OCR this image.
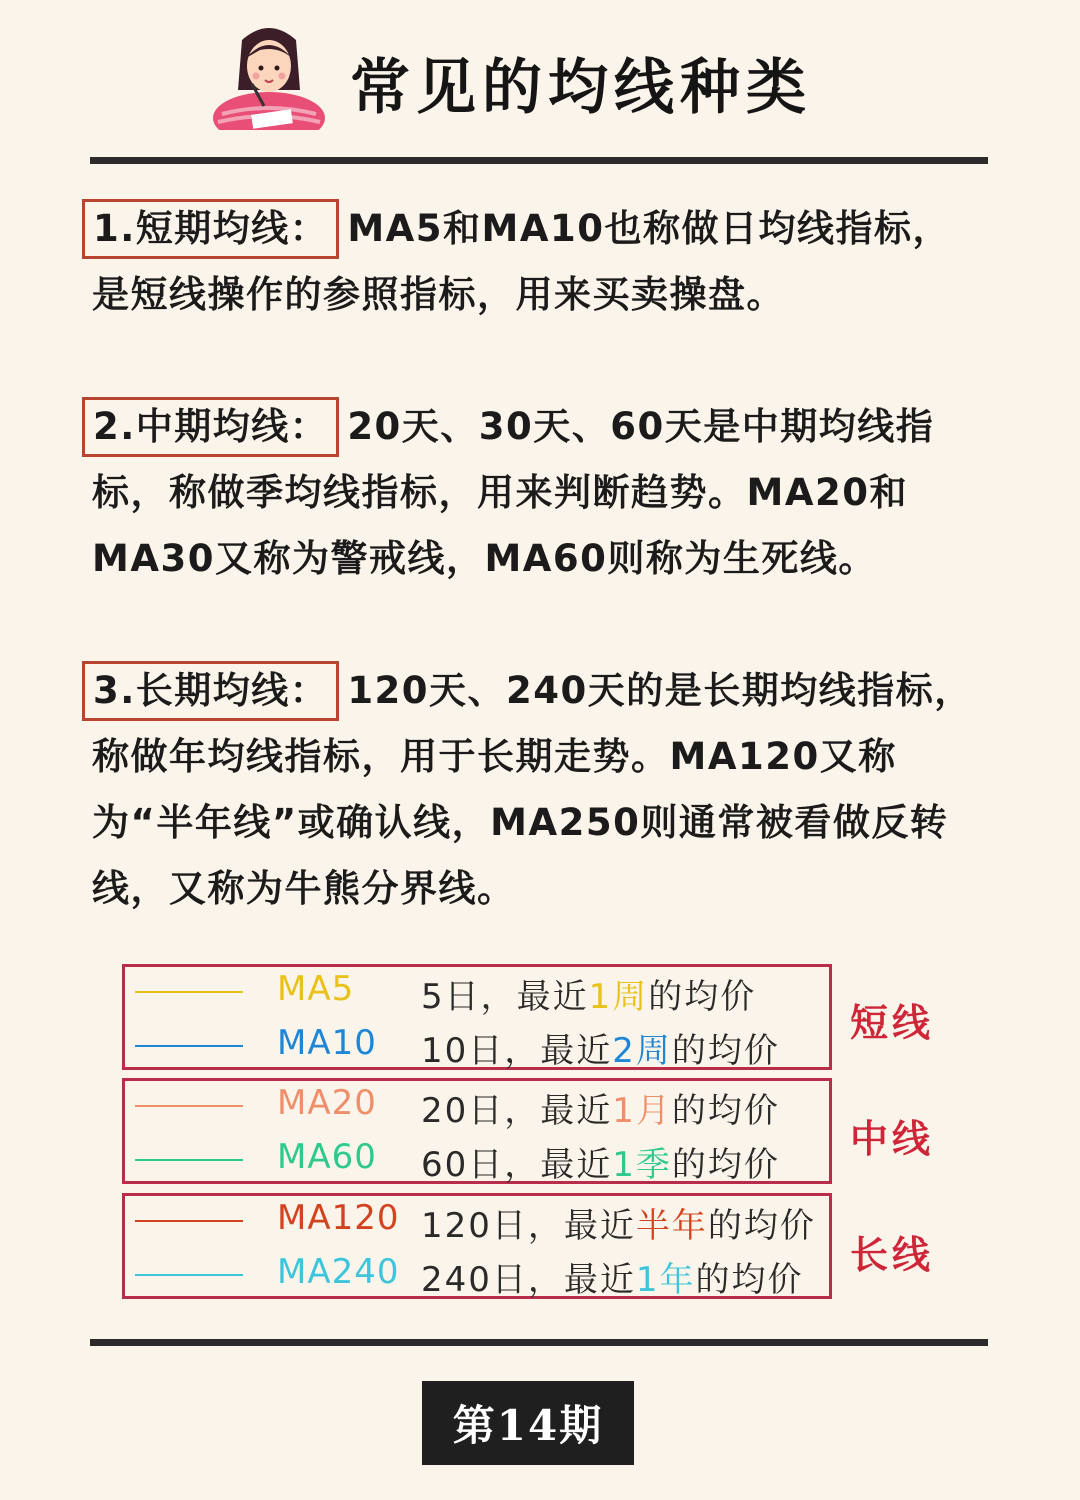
常见的均线种类
1.短期均线： MA5和MA10也称做日均线指标，是短线操作的参照指标，用来买卖操盘。
2.中期均线： 20天、30天、60天是中期均线指标，称做季均线指标，用来判断趋势。MA20和MA30又称为警戒线，MA60则称为生死线。
3.长期均线： 120天、240天的是长期均线指标，称做年均线指标，用于长期走势。MA120又称为“半年线”或确认线，MA250则通常被看做反转线，又称为牛熊分界线。
MA5 5日，最近1周的均价
MA10 10日，最近2周的均价
短线
MA20 20日，最近1月的均价
MA60 60日，最近1季的均价
中线
MA120 120日，最近半年的均价
MA240 240日，最近1年的均价
长线
第14期
